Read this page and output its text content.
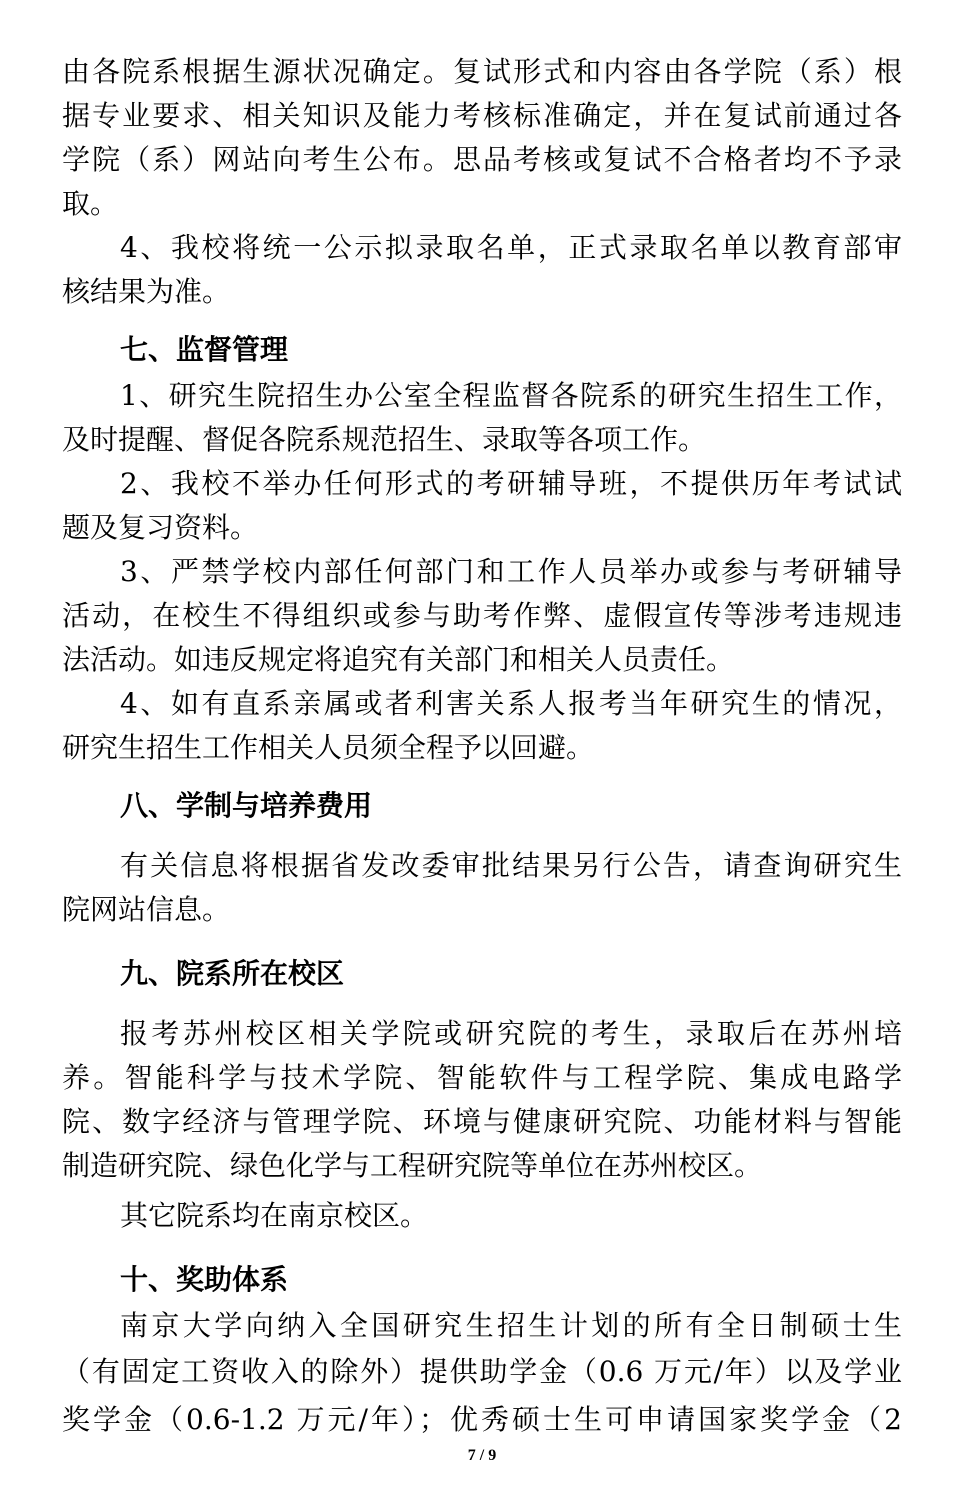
由各院系根据生源状况确定。复试形式和内容由各学院（系）根
据专业要求、相关知识及能力考核标准确定，并在复试前通过各
学院（系）网站向考生公布。思品考核或复试不合格者均不予录
取。
4、我校将统一公示拟录取名单，正式录取名单以教育部审
核结果为准。
七、监督管理
1、研究生院招生办公室全程监督各院系的研究生招生工作，
及时提醒、督促各院系规范招生、录取等各项工作。
2、我校不举办任何形式的考研辅导班，不提供历年考试试
题及复习资料。
3、严禁学校内部任何部门和工作人员举办或参与考研辅导
活动，在校生不得组织或参与助考作弊、虚假宣传等涉考违规违
法活动。如违反规定将追究有关部门和相关人员责任。
4、如有直系亲属或者利害关系人报考当年研究生的情况，
研究生招生工作相关人员须全程予以回避。
八、学制与培养费用
有关信息将根据省发改委审批结果另行公告，请查询研究生
院网站信息。
九、院系所在校区
报考苏州校区相关学院或研究院的考生，录取后在苏州培
养。智能科学与技术学院、智能软件与工程学院、集成电路学
院、数字经济与管理学院、环境与健康研究院、功能材料与智能
制造研究院、绿色化学与工程研究院等单位在苏州校区。
其它院系均在南京校区。
十、奖助体系
南京大学向纳入全国研究生招生计划的所有全日制硕士生
（有固定工资收入的除外）提供助学金（0.6 万元/年）以及学业
奖学金（0.6-1.2 万元/年）；优秀硕士生可申请国家奖学金（2
7 / 9
